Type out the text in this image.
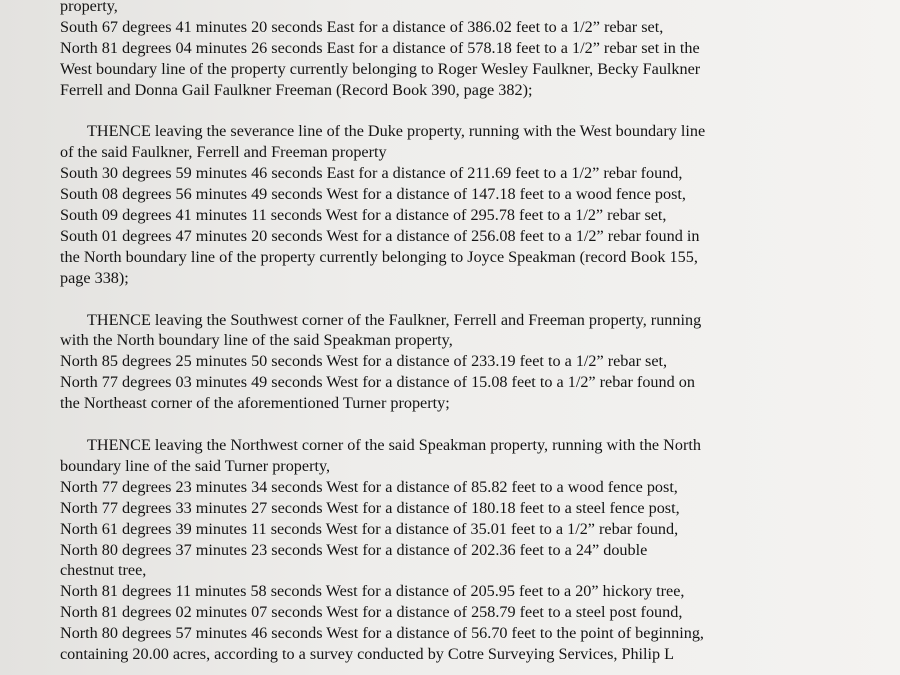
property,
South 67 degrees 41 minutes 20 seconds East for a distance of 386.02 feet to a 1/2” rebar set,
North 81 degrees 04 minutes 26 seconds East for a distance of 578.18 feet to a 1/2” rebar set in the
West boundary line of the property currently belonging to Roger Wesley Faulkner, Becky Faulkner
Ferrell and Donna Gail Faulkner Freeman (Record Book 390, page 382);
THENCE leaving the severance line of the Duke property, running with the West boundary line
of the said Faulkner, Ferrell and Freeman property
South 30 degrees 59 minutes 46 seconds East for a distance of 211.69 feet to a 1/2” rebar found,
South 08 degrees 56 minutes 49 seconds West for a distance of 147.18 feet to a wood fence post,
South 09 degrees 41 minutes 11 seconds West for a distance of 295.78 feet to a 1/2” rebar set,
South 01 degrees 47 minutes 20 seconds West for a distance of 256.08 feet to a 1/2” rebar found in
the North boundary line of the property currently belonging to Joyce Speakman (record Book 155,
page 338);
THENCE leaving the Southwest corner of the Faulkner, Ferrell and Freeman property, running
with the North boundary line of the said Speakman property,
North 85 degrees 25 minutes 50 seconds West for a distance of 233.19 feet to a 1/2” rebar set,
North 77 degrees 03 minutes 49 seconds West for a distance of 15.08 feet to a 1/2” rebar found on
the Northeast corner of the aforementioned Turner property;
THENCE leaving the Northwest corner of the said Speakman property, running with the North
boundary line of the said Turner property,
North 77 degrees 23 minutes 34 seconds West for a distance of 85.82 feet to a wood fence post,
North 77 degrees 33 minutes 27 seconds West for a distance of 180.18 feet to a steel fence post,
North 61 degrees 39 minutes 11 seconds West for a distance of 35.01 feet to a 1/2” rebar found,
North 80 degrees 37 minutes 23 seconds West for a distance of 202.36 feet to a 24” double
chestnut tree,
North 81 degrees 11 minutes 58 seconds West for a distance of 205.95 feet to a 20” hickory tree,
North 81 degrees 02 minutes 07 seconds West for a distance of 258.79 feet to a steel post found,
North 80 degrees 57 minutes 46 seconds West for a distance of 56.70 feet to the point of beginning,
containing 20.00 acres, according to a survey conducted by Cotre Surveying Services, Philip L
